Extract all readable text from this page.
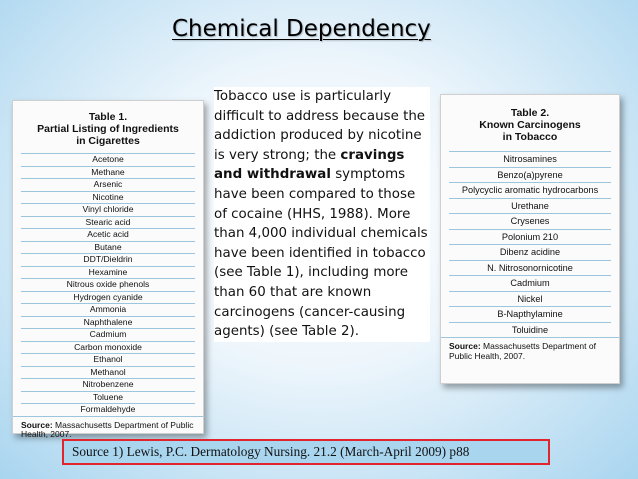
Chemical Dependency
Table 1.
Partial Listing of Ingredients
in Cigarettes
Acetone
Methane
Arsenic
Nicotine
Vinyl chloride
Stearic acid
Acetic acid
Butane
DDT/Dieldrin
Hexamine
Nitrous oxide phenols
Hydrogen cyanide
Ammonia
Naphthalene
Cadmium
Carbon monoxide
Ethanol
Methanol
Nitrobenzene
Toluene
Formaldehyde
Source: Massachusetts Department of Public Health, 2007.
Tobacco use is particularly difficult to address because the addiction produced by nicotine is very strong; the cravings and withdrawal symptoms have been compared to those of cocaine (HHS, 1988). More than 4,000 individual chemicals have been identified in tobacco (see Table 1), including more than 60 that are known carcinogens (cancer-causing agents) (see Table 2).
Table 2.
Known Carcinogens
in Tobacco
Nitrosamines
Benzo(a)pyrene
Polycyclic aromatic hydrocarbons
Urethane
Crysenes
Polonium 210
Dibenz acidine
N. Nitrosonornicotine
Cadmium
Nickel
B-Napthylamine
Toluidine
Source: Massachusetts Department of Public Health, 2007.
Source 1) Lewis, P.C. Dermatology Nursing. 21.2 (March-April 2009) p88
